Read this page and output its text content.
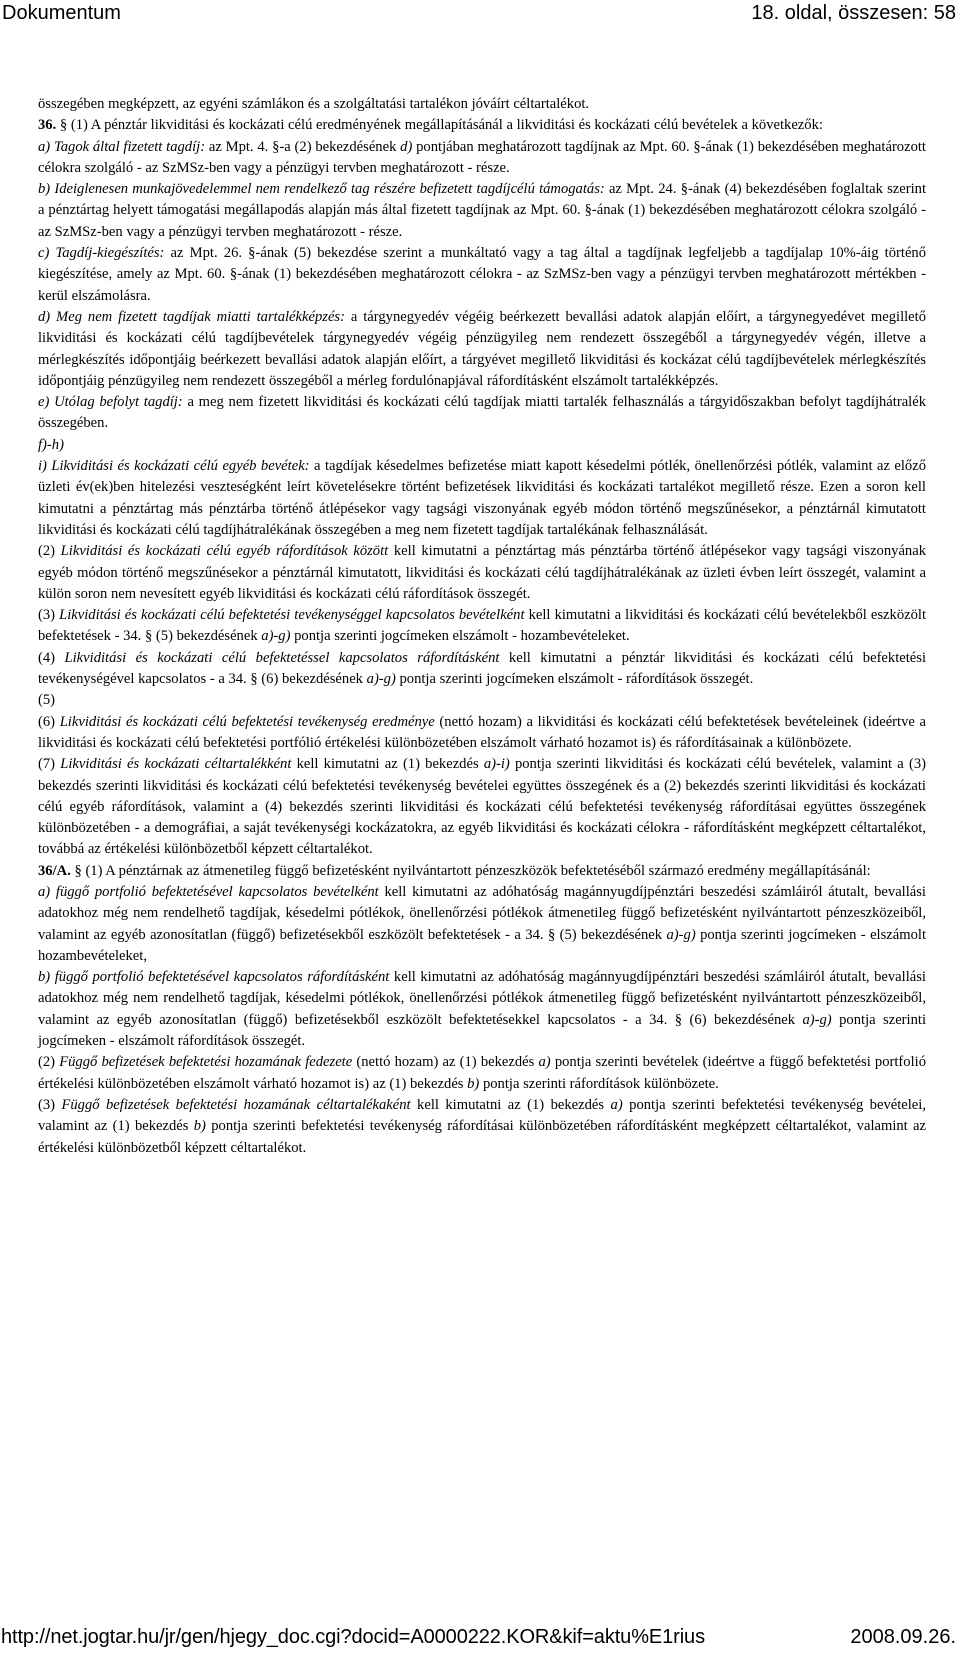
Dokumentum	18. oldal, összesen: 58

összegében megképzett, az egyéni számlákon és a szolgáltatási tartalékon jóváírt céltartalékot.

36. § (1) A pénztár likviditási és kockázati célú eredményének megállapításánál a likviditási és kockázati célú bevételek a következők:

a) Tagok által fizetett tagdíj: az Mpt. 4. §-a (2) bekezdésének d) pontjában meghatározott tagdíjnak az Mpt. 60. §-ának (1) bekezdésében meghatározott célokra szolgáló - az SzMSz-ben vagy a pénzügyi tervben meghatározott - része.

b) Ideiglenesen munkajövedelemmel nem rendelkező tag részére befizetett tagdíjcélú támogatás: az Mpt. 24. §-ának (4) bekezdésében foglaltak szerint a pénztártag helyett támogatási megállapodás alapján más által fizetett tagdíjnak az Mpt. 60. §-ának (1) bekezdésében meghatározott célokra szolgáló - az SzMSz-ben vagy a pénzügyi tervben meghatározott - része.

c) Tagdíj-kiegészítés: az Mpt. 26. §-ának (5) bekezdése szerint a munkáltató vagy a tag által a tagdíjnak legfeljebb a tagdíjalap 10%-áig történő kiegészítése, amely az Mpt. 60. §-ának (1) bekezdésében meghatározott célokra - az SzMSz-ben vagy a pénzügyi tervben meghatározott mértékben - kerül elszámolásra.

d) Meg nem fizetett tagdíjak miatti tartalékképzés: a tárgynegyedév végéig beérkezett bevallási adatok alapján előírt, a tárgynegyedévet megillető likviditási és kockázati célú tagdíjbevételek tárgynegyedév végéig pénzügyileg nem rendezett összegéből a tárgynegyedév végén, illetve a mérlegkészítés időpontjáig beérkezett bevallási adatok alapján előírt, a tárgyévet megillető likviditási és kockázat célú tagdíjbevételek mérlegkészítés időpontjáig pénzügyileg nem rendezett összegéből a mérleg fordulónapjával ráfordításként elszámolt tartalékképzés.

e) Utólag befolyt tagdíj: a meg nem fizetett likviditási és kockázati célú tagdíjak miatti tartalék felhasználás a tárgyidőszakban befolyt tagdíjhátralék összegében.

f)-h)

i) Likviditási és kockázati célú egyéb bevétek: a tagdíjak késedelmes befizetése miatt kapott késedelmi pótlék, önellenőrzési pótlék, valamint az előző üzleti év(ek)ben hitelezési veszteségként leírt követelésekre történt befizetések likviditási és kockázati tartalékot megillető része. Ezen a soron kell kimutatni a pénztártag más pénztárba történő átlépésekor vagy tagsági viszonyának egyéb módon történő megszűnésekor, a pénztárnál kimutatott likviditási és kockázati célú tagdíjhátralékának összegében a meg nem fizetett tagdíjak tartalékának felhasználását.

(2) Likviditási és kockázati célú egyéb ráfordítások között kell kimutatni a pénztártag más pénztárba történő átlépésekor vagy tagsági viszonyának egyéb módon történő megszűnésekor a pénztárnál kimutatott, likviditási és kockázati célú tagdíjhátralékának az üzleti évben leírt összegét, valamint a külön soron nem nevesített egyéb likviditási és kockázati célú ráfordítások összegét.

(3) Likviditási és kockázati célú befektetési tevékenységgel kapcsolatos bevételként kell kimutatni a likviditási és kockázati célú bevételekből eszközölt befektetések - 34. § (5) bekezdésének a)-g) pontja szerinti jogcímeken elszámolt - hozambevételeket.

(4) Likviditási és kockázati célú befektetéssel kapcsolatos ráfordításként kell kimutatni a pénztár likviditási és kockázati célú befektetési tevékenységével kapcsolatos - a 34. § (6) bekezdésének a)-g) pontja szerinti jogcímeken elszámolt - ráfordítások összegét.

(5)

(6) Likviditási és kockázati célú befektetési tevékenység eredménye (nettó hozam) a likviditási és kockázati célú befektetések bevételeinek (ideértve a likviditási és kockázati célú befektetési portfólió értékelési különbözetében elszámolt várható hozamot is) és ráfordításainak a különbözete.

(7) Likviditási és kockázati céltartalékként kell kimutatni az (1) bekezdés a)-i) pontja szerinti likviditási és kockázati célú bevételek, valamint a (3) bekezdés szerinti likviditási és kockázati célú befektetési tevékenység bevételei együttes összegének és a (2) bekezdés szerinti likviditási és kockázati célú egyéb ráfordítások, valamint a (4) bekezdés szerinti likviditási és kockázati célú befektetési tevékenység ráfordításai együttes összegének különbözetében - a demográfiai, a saját tevékenységi kockázatokra, az egyéb likviditási és kockázati célokra - ráfordításként megképzett céltartalékot, továbbá az értékelési különbözetből képzett céltartalékot.

36/A. § (1) A pénztárnak az átmenetileg függő befizetésként nyilvántartott pénzeszközök befektetéséből származó eredmény megállapításánál:

a) függő portfolió befektetésével kapcsolatos bevételként kell kimutatni az adóhatóság magánnyugdíjpénztári beszedési számláiról átutalt, bevallási adatokhoz még nem rendelhető tagdíjak, késedelmi pótlékok, önellenőrzési pótlékok átmenetileg függő befizetésként nyilvántartott pénzeszközeiből, valamint az egyéb azonosítatlan (függő) befizetésekből eszközölt befektetések - a 34. § (5) bekezdésének a)-g) pontja szerinti jogcímeken - elszámolt hozambevételeket,

b) függő portfolió befektetésével kapcsolatos ráfordításként kell kimutatni az adóhatóság magánnyugdíjpénztári beszedési számláiról átutalt, bevallási adatokhoz még nem rendelhető tagdíjak, késedelmi pótlékok, önellenőrzési pótlékok átmenetileg függő befizetésként nyilvántartott pénzeszközeiből, valamint az egyéb azonosítatlan (függő) befizetésekből eszközölt befektetésekkel kapcsolatos - a 34. § (6) bekezdésének a)-g) pontja szerinti jogcímeken - elszámolt ráfordítások összegét.

(2) Függő befizetések befektetési hozamának fedezete (nettó hozam) az (1) bekezdés a) pontja szerinti bevételek (ideértve a függő befektetési portfolió értékelési különbözetében elszámolt várható hozamot is) az (1) bekezdés b) pontja szerinti ráfordítások különbözete.

(3) Függő befizetések befektetési hozamának céltartalékaként kell kimutatni az (1) bekezdés a) pontja szerinti befektetési tevékenység bevételei, valamint az (1) bekezdés b) pontja szerinti befektetési tevékenység ráfordításai különbözetében ráfordításként megképzett céltartalékot, valamint az értékelési különbözetből képzett céltartalékot.

http://net.jogtar.hu/jr/gen/hjegy_doc.cgi?docid=A0000222.KOR&kif=aktu%E1rius	2008.09.26.
